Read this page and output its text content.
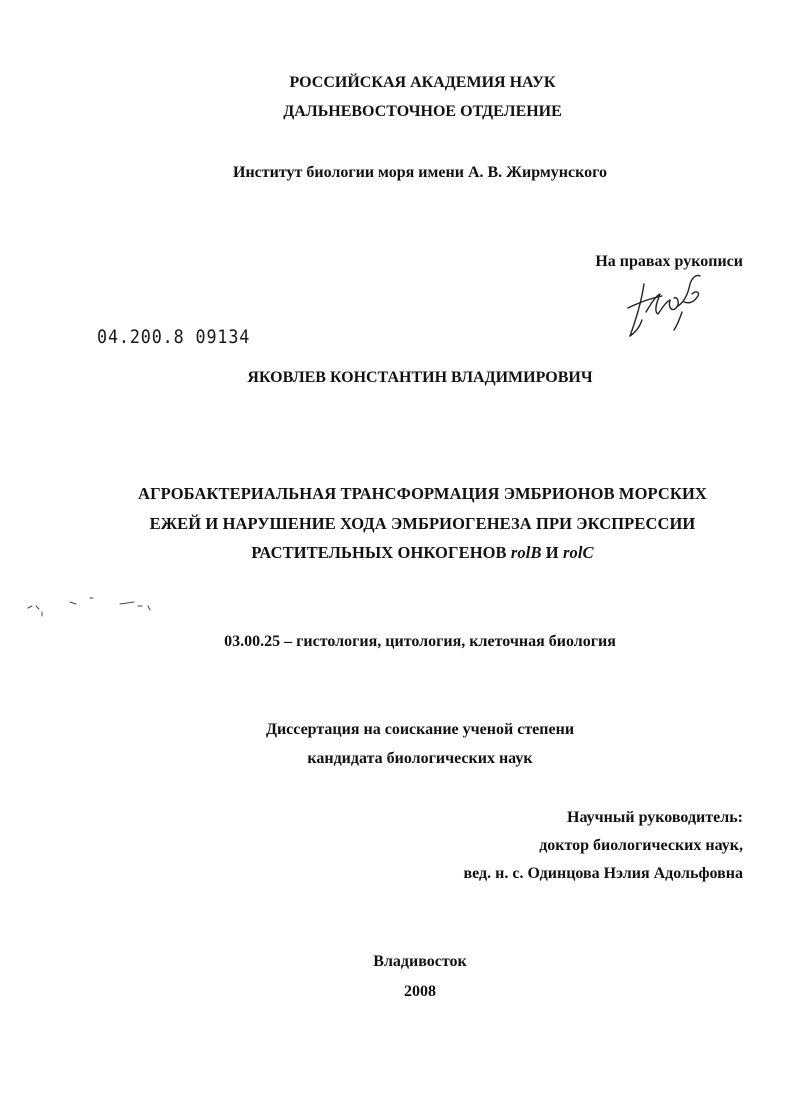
РОССИЙСКАЯ АКАДЕМИЯ НАУК
ДАЛЬНЕВОСТОЧНОЕ ОТДЕЛЕНИЕ
Институт биологии моря имени А. В. Жирмунского
На правах рукописи
04.200.8 09134
ЯКОВЛЕВ КОНСТАНТИН ВЛАДИМИРОВИЧ
АГРОБАКТЕРИАЛЬНАЯ ТРАНСФОРМАЦИЯ ЭМБРИОНОВ МОРСКИХ
ЕЖЕЙ И НАРУШЕНИЕ ХОДА ЭМБРИОГЕНЕЗА ПРИ ЭКСПРЕССИИ
РАСТИТЕЛЬНЫХ ОНКОГЕНОВ rolB И rolC
03.00.25 – гистология, цитология, клеточная биология
Диссертация на соискание ученой степени
кандидата биологических наук
Научный руководитель:
доктор биологических наук,
вед. н. с. Одинцова Нэлия Адольфовна
Владивосток
2008
